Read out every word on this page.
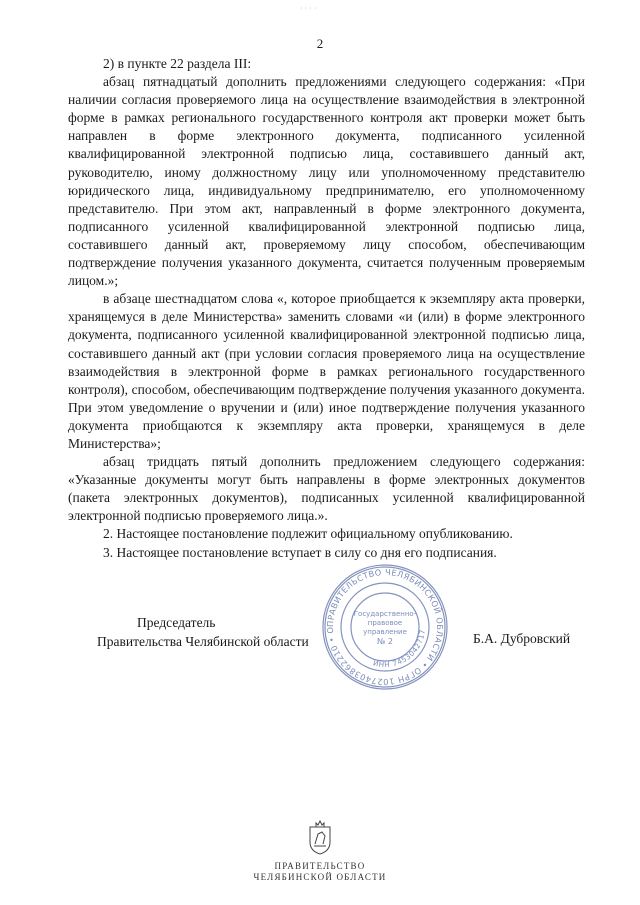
· · · ·
2

2) в пункте 22 раздела III:

абзац пятнадцатый дополнить предложениями следующего содержания: «При наличии согласия проверяемого лица на осуществление взаимодействия в электронной форме в рамках регионального государственного контроля акт проверки может быть направлен в форме электронного документа, подписанного усиленной квалифицированной электронной подписью лица, составившего данный акт, руководителю, иному должностному лицу или уполномоченному представителю юридического лица, индивидуальному предпринимателю, его уполномоченному представителю. При этом акт, направленный в форме электронного документа, подписанного усиленной квалифицированной электронной подписью лица, составившего данный акт, проверяемому лицу способом, обеспечивающим подтверждение получения указанного документа, считается полученным проверяемым лицом.»;

в абзаце шестнадцатом слова «, которое приобщается к экземпляру акта проверки, хранящемуся в деле Министерства» заменить словами «и (или) в форме электронного документа, подписанного усиленной квалифицированной электронной подписью лица, составившего данный акт (при условии согласия проверяемого лица на осуществление взаимодействия в электронной форме в рамках регионального государственного контроля), способом, обеспечивающим подтверждение получения указанного документа. При этом уведомление о вручении и (или) иное подтверждение получения указанного документа приобщаются к экземпляру акта проверки, хранящемуся в деле Министерства»;

абзац тридцать пятый дополнить предложением следующего содержания: «Указанные документы могут быть направлены в форме электронных документов (пакета электронных документов), подписанных усиленной квалифицированной электронной подписью проверяемого лица.».

2. Настоящее постановление подлежит официальному опубликованию.

3. Настоящее постановление вступает в силу со дня его подписания.

Председатель
Правительства Челябинской области
ПРАВИТЕЛЬСТВО ЧЕЛЯБИНСКОЙ ОБЛАСТИ • ОГРН 1027403862210 • О
ИНН 7453042717
Государственно-
правовое
управление
№ 2	Б.А. Дубровский
ПРАВИТЕЛЬСТВО
ЧЕЛЯБИНСКОЙ ОБЛАСТИ
